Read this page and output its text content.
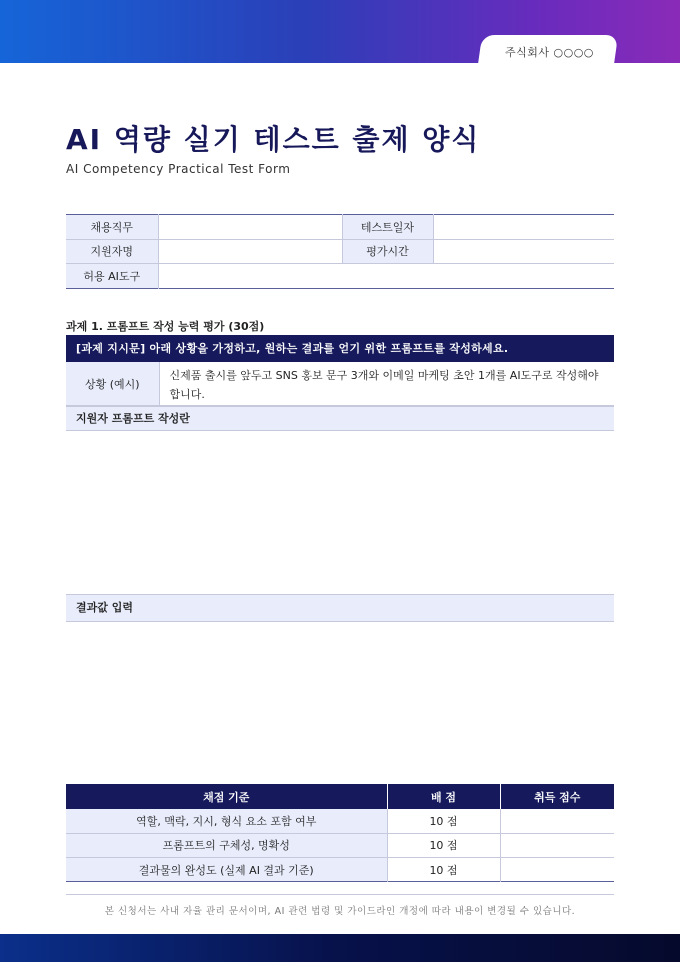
주식회사 ○○○○
AI 역량 실기 테스트 출제 양식
AI Competency Practical Test Form
채용직무		테스트일자	
지원자명		평가시간	
허용 AI도구			
과제 1. 프롬프트 작성 능력 평가 (30점)
[과제 지시문] 아래 상황을 가정하고, 원하는 결과를 얻기 위한 프롬프트를 작성하세요.
상황 (예시)	신제품 출시를 앞두고 SNS 홍보 문구 3개와 이메일 마케팅 초안 1개를 AI도구로 작성해야 합니다.
지원자 프롬프트 작성란
결과값 입력
채점 기준	배 점	취득 점수
역할, 맥락, 지시, 형식 요소 포함 여부	10 점	
프롬프트의 구체성, 명확성	10 점	
결과물의 완성도 (실제 AI 결과 기준)	10 점	
본 신청서는 사내 자율 관리 문서이며, AI 관련 법령 및 가이드라인 개정에 따라 내용이 변경될 수 있습니다.
